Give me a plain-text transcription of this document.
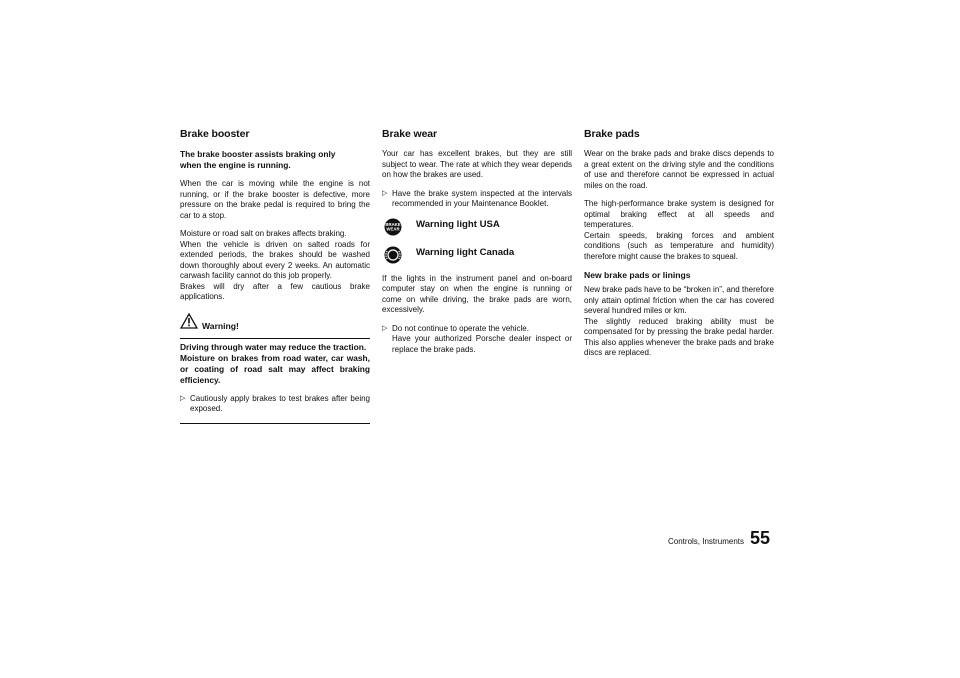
Brake booster

The brake booster assists braking only
when the engine is running.

When the car is moving while the engine is not running, or if the brake booster is defective, more pressure on the brake pedal is required to bring the car to a stop.

Moisture or road salt on brakes affects braking.
When the vehicle is driven on salted roads for extended periods, the brakes should be washed down thoroughly about every 2 weeks. An automatic carwash facility cannot do this job properly.
Brakes will dry after a few cautious brake applications.

Warning!

Driving through water may reduce the traction.
Moisture on brakes from road water, car wash, or coating of road salt may affect braking efficiency.

▷ Cautiously apply brakes to test brakes after being exposed.
Brake wear

Your car has excellent brakes, but they are still subject to wear. The rate at which they wear depends on how the brakes are used.

▷ Have the brake system inspected at the intervals recommended in your Maintenance Booklet.
BRAKE
WEAR Warning light USA
Warning light Canada

If the lights in the instrument panel and on-board computer stay on when the engine is running or come on while driving, the brake pads are worn, excessively.

▷ Do not continue to operate the vehicle.
Have your authorized Porsche dealer inspect or replace the brake pads.
Brake pads

Wear on the brake pads and brake discs depends to a great extent on the driving style and the conditions of use and therefore cannot be expressed in actual miles on the road.

The high-performance brake system is designed for optimal braking effect at all speeds and temperatures.
Certain speeds, braking forces and ambient conditions (such as temperature and humidity) therefore might cause the brakes to squeal.

New brake pads or linings

New brake pads have to be “broken in”, and therefore only attain optimal friction when the car has covered several hundred miles or km.
The slightly reduced braking ability must be compensated for by pressing the brake pedal harder. This also applies whenever the brake pads and brake discs are replaced.

Controls, Instruments 55
